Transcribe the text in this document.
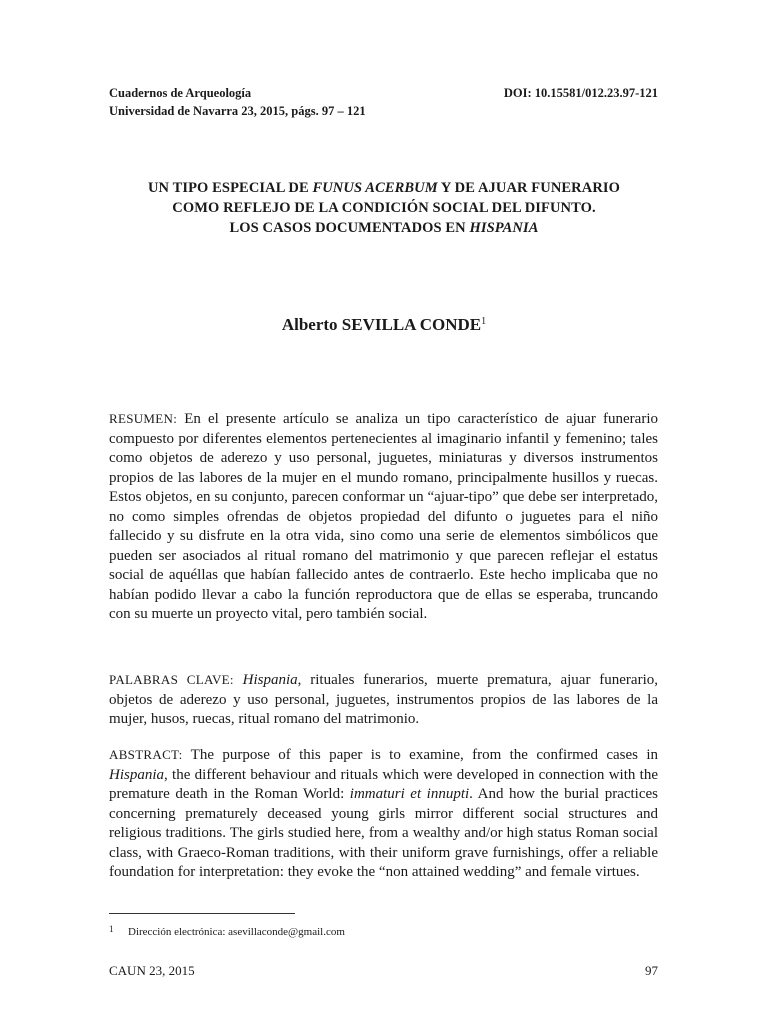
Cuadernos de Arqueología	DOI: 10.15581/012.23.97-121
Universidad de Navarra 23, 2015, págs. 97 – 121
UN TIPO ESPECIAL DE FUNUS ACERBUM Y DE AJUAR FUNERARIO
COMO REFLEJO DE LA CONDICIÓN SOCIAL DEL DIFUNTO.
LOS CASOS DOCUMENTADOS EN HISPANIA
Alberto SEVILLA CONDE$^1$
RESUMEN: En el presente artículo se analiza un tipo característico de ajuar funerario compuesto por diferentes elementos pertenecientes al imaginario infantil y femenino; tales como objetos de aderezo y uso personal, juguetes, miniaturas y diversos instrumentos propios de las labores de la mujer en el mundo romano, principalmente husillos y ruecas. Estos objetos, en su conjunto, parecen conformar un “ajuar-tipo” que debe ser interpretado, no como simples ofrendas de objetos propiedad del difunto o juguetes para el niño fallecido y su disfrute en la otra vida, sino como una serie de elementos simbólicos que pueden ser asociados al ritual romano del matrimonio y que parecen reflejar el estatus social de aquéllas que habían fallecido antes de contraerlo. Este hecho implicaba que no habían podido llevar a cabo la función reproductora que de ellas se esperaba, truncando con su muerte un proyecto vital, pero también social.
PALABRAS CLAVE: Hispania, rituales funerarios, muerte prematura, ajuar funerario, objetos de aderezo y uso personal, juguetes, instrumentos propios de las labores de la mujer, husos, ruecas, ritual romano del matrimonio.
ABSTRACT: The purpose of this paper is to examine, from the confirmed cases in Hispania, the different behaviour and rituals which were developed in connection with the premature death in the Roman World: immaturi et innupti. And how the burial practices concerning prematurely deceased young girls mirror different social structures and religious traditions. The girls studied here, from a wealthy and/or high status Roman social class, with Graeco-Roman traditions, with their uniform grave furnishings, offer a reliable foundation for interpretation: they evoke the “non attained wedding” and female virtues.
1 Dirección electrónica: asevillaconde@gmail.com
CAUN 23, 2015	97
